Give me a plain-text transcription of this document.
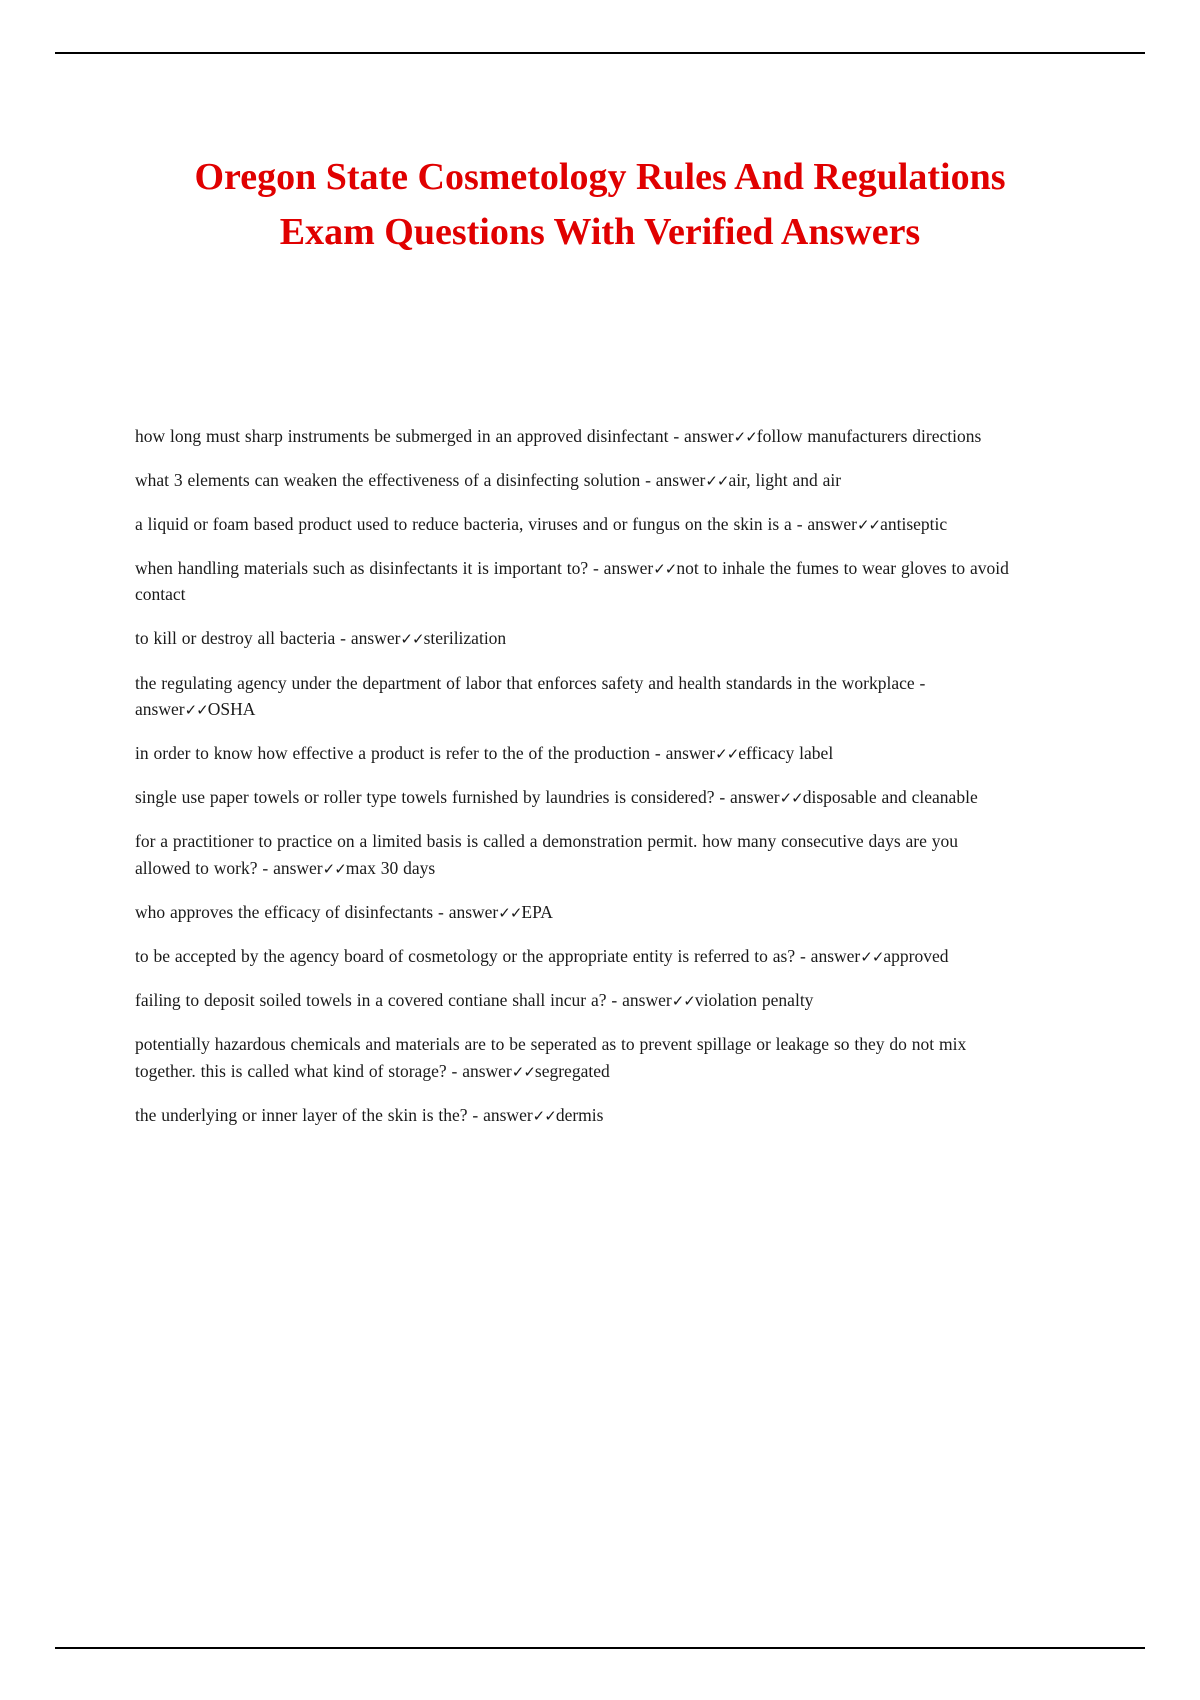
Oregon State Cosmetology Rules And Regulations Exam Questions With Verified Answers

how long must sharp instruments be submerged in an approved disinfectant - answer✓✓follow manufacturers directions

what 3 elements can weaken the effectiveness of a disinfecting solution - answer✓✓air, light and air

a liquid or foam based product used to reduce bacteria, viruses and or fungus on the skin is a - answer✓✓antiseptic

when handling materials such as disinfectants it is important to? - answer✓✓not to inhale the fumes to wear gloves to avoid contact

to kill or destroy all bacteria - answer✓✓sterilization

the regulating agency under the department of labor that enforces safety and health standards in the workplace - answer✓✓OSHA

in order to know how effective a product is refer to the of the production - answer✓✓efficacy label

single use paper towels or roller type towels furnished by laundries is considered? - answer✓✓disposable and cleanable

for a practitioner to practice on a limited basis is called a demonstration permit. how many consecutive days are you allowed to work? - answer✓✓max 30 days

who approves the efficacy of disinfectants - answer✓✓EPA

to be accepted by the agency board of cosmetology or the appropriate entity is referred to as? - answer✓✓approved

failing to deposit soiled towels in a covered contiane shall incur a? - answer✓✓violation penalty

potentially hazardous chemicals and materials are to be seperated as to prevent spillage or leakage so they do not mix together. this is called what kind of storage? - answer✓✓segregated

the underlying or inner layer of the skin is the? - answer✓✓dermis
